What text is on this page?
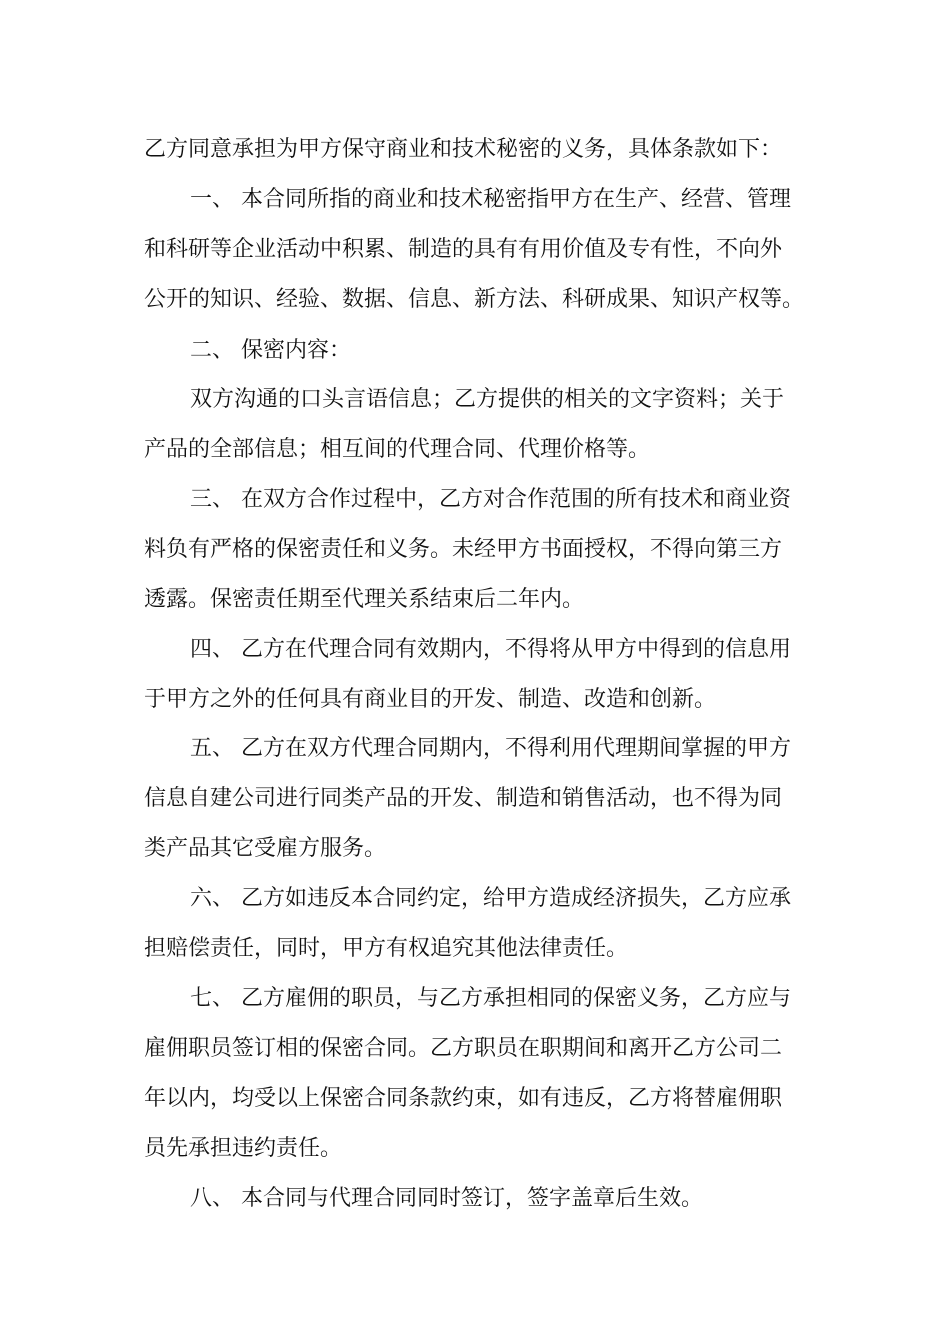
乙方同意承担为甲方保守商业和技术秘密的义务，具体条款如下：
一、 本合同所指的商业和技术秘密指甲方在生产、经营、管理
和科研等企业活动中积累、制造的具有有用价值及专有性，不向外
公开的知识、经验、数据、信息、新方法、科研成果、知识产权等。
二、 保密内容：
双方沟通的口头言语信息；乙方提供的相关的文字资料；关于
产品的全部信息；相互间的代理合同、代理价格等。
三、 在双方合作过程中，乙方对合作范围的所有技术和商业资
料负有严格的保密责任和义务。未经甲方书面授权，不得向第三方
透露。保密责任期至代理关系结束后二年内。
四、 乙方在代理合同有效期内，不得将从甲方中得到的信息用
于甲方之外的任何具有商业目的开发、制造、改造和创新。
五、 乙方在双方代理合同期内，不得利用代理期间掌握的甲方
信息自建公司进行同类产品的开发、制造和销售活动，也不得为同
类产品其它受雇方服务。
六、 乙方如违反本合同约定，给甲方造成经济损失，乙方应承
担赔偿责任，同时，甲方有权追究其他法律责任。
七、 乙方雇佣的职员，与乙方承担相同的保密义务，乙方应与
雇佣职员签订相的保密合同。乙方职员在职期间和离开乙方公司二
年以内，均受以上保密合同条款约束，如有违反，乙方将替雇佣职
员先承担违约责任。
八、 本合同与代理合同同时签订，签字盖章后生效。
